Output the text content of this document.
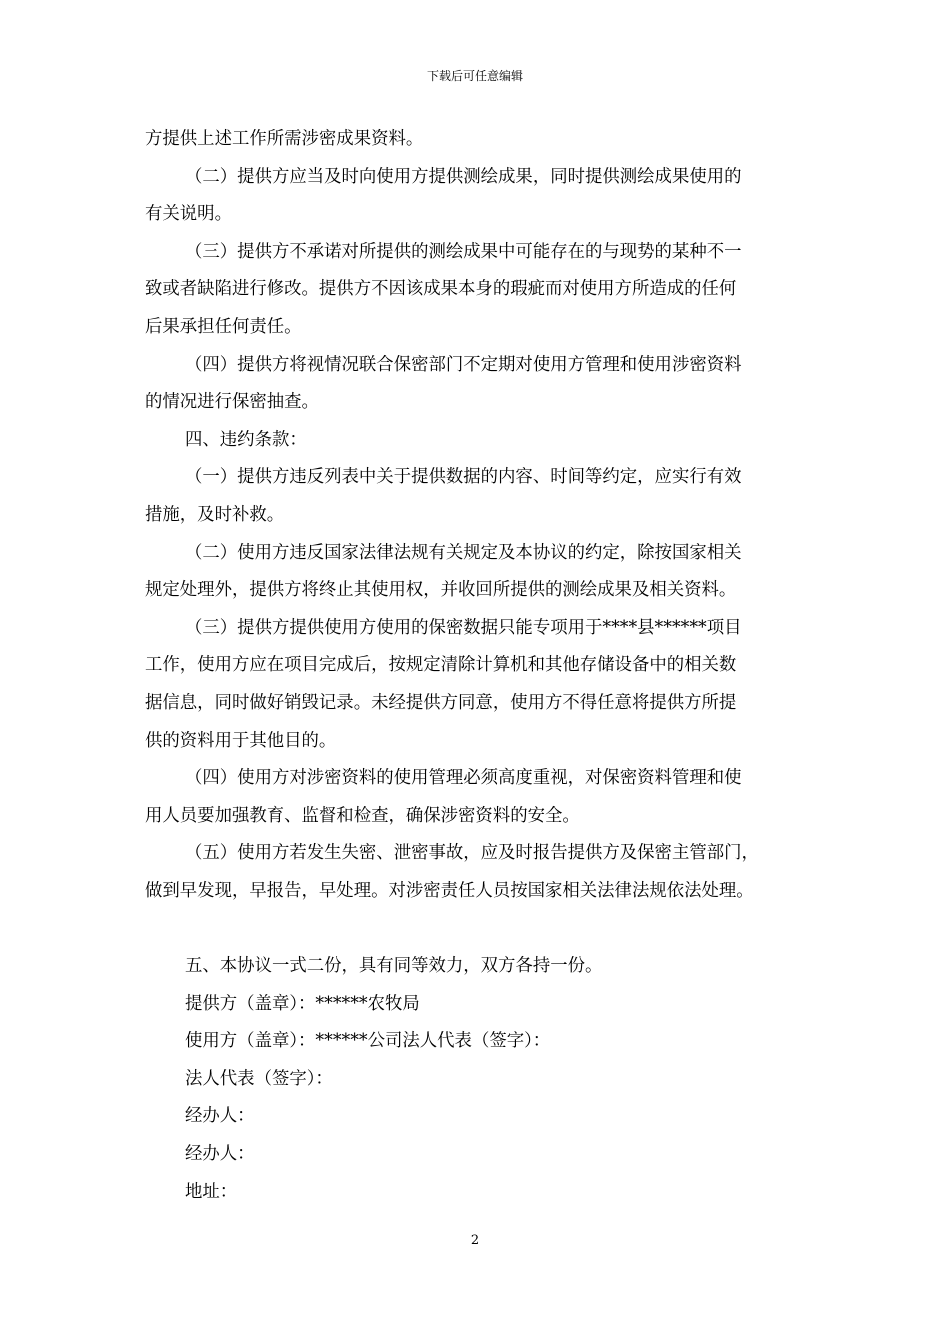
下载后可任意编辑
方提供上述工作所需涉密成果资料。
（二）提供方应当及时向使用方提供测绘成果，同时提供测绘成果使用的
有关说明。
（三）提供方不承诺对所提供的测绘成果中可能存在的与现势的某种不一
致或者缺陷进行修改。提供方不因该成果本身的瑕疵而对使用方所造成的任何
后果承担任何责任。
（四）提供方将视情况联合保密部门不定期对使用方管理和使用涉密资料
的情况进行保密抽查。
四、违约条款：
（一）提供方违反列表中关于提供数据的内容、时间等约定，应实行有效
措施，及时补救。
（二）使用方违反国家法律法规有关规定及本协议的约定，除按国家相关
规定处理外，提供方将终止其使用权，并收回所提供的测绘成果及相关资料。
（三）提供方提供使用方使用的保密数据只能专项用于****县******项目
工作，使用方应在项目完成后，按规定清除计算机和其他存储设备中的相关数
据信息，同时做好销毁记录。未经提供方同意，使用方不得任意将提供方所提
供的资料用于其他目的。
（四）使用方对涉密资料的使用管理必须高度重视，对保密资料管理和使
用人员要加强教育、监督和检查，确保涉密资料的安全。
（五）使用方若发生失密、泄密事故，应及时报告提供方及保密主管部门，
做到早发现，早报告，早处理。对涉密责任人员按国家相关法律法规依法处理。
五、本协议一式二份，具有同等效力，双方各持一份。
提供方（盖章）：******农牧局
使用方（盖章）：******公司法人代表（签字）：
法人代表（签字）：
经办人：
经办人：
地址：
2
